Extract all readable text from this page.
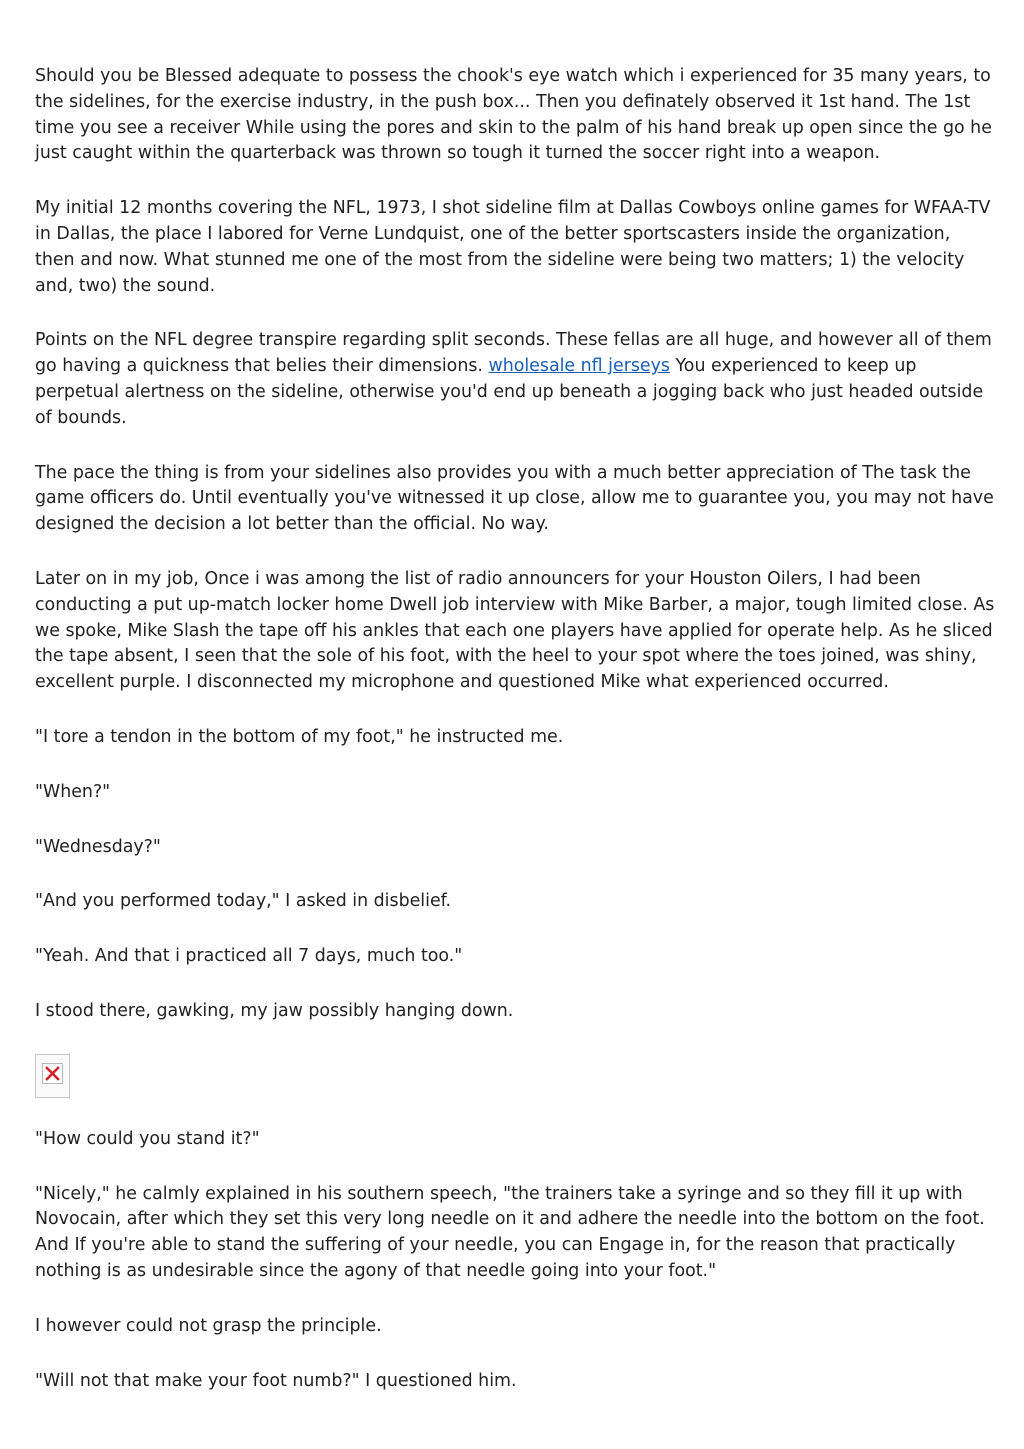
Should you be Blessed adequate to possess the chook's eye watch which i experienced for 35 many years, to the sidelines, for the exercise industry, in the push box... Then you definately observed it 1st hand. The 1st time you see a receiver While using the pores and skin to the palm of his hand break up open since the go he just caught within the quarterback was thrown so tough it turned the soccer right into a weapon.

My initial 12 months covering the NFL, 1973, I shot sideline film at Dallas Cowboys online games for WFAA-TV in Dallas, the place I labored for Verne Lundquist, one of the better sportscasters inside the organization, then and now. What stunned me one of the most from the sideline were being two matters; 1) the velocity and, two) the sound.

Points on the NFL degree transpire regarding split seconds. These fellas are all huge, and however all of them go having a quickness that belies their dimensions. wholesale nfl jerseys You experienced to keep up perpetual alertness on the sideline, otherwise you'd end up beneath a jogging back who just headed outside of bounds.

The pace the thing is from your sidelines also provides you with a much better appreciation of The task the game officers do. Until eventually you've witnessed it up close, allow me to guarantee you, you may not have designed the decision a lot better than the official. No way.

Later on in my job, Once i was among the list of radio announcers for your Houston Oilers, I had been conducting a put up-match locker home Dwell job interview with Mike Barber, a major, tough limited close. As we spoke, Mike Slash the tape off his ankles that each one players have applied for operate help. As he sliced the tape absent, I seen that the sole of his foot, with the heel to your spot where the toes joined, was shiny, excellent purple. I disconnected my microphone and questioned Mike what experienced occurred.

"I tore a tendon in the bottom of my foot," he instructed me.

"When?"

"Wednesday?"

"And you performed today," I asked in disbelief.

"Yeah. And that i practiced all 7 days, much too."

I stood there, gawking, my jaw possibly hanging down.

"How could you stand it?"

"Nicely," he calmly explained in his southern speech, "the trainers take a syringe and so they fill it up with Novocain, after which they set this very long needle on it and adhere the needle into the bottom on the foot. And If you're able to stand the suffering of your needle, you can Engage in, for the reason that practically nothing is as undesirable since the agony of that needle going into your foot."

I however could not grasp the principle.

"Will not that make your foot numb?" I questioned him.
